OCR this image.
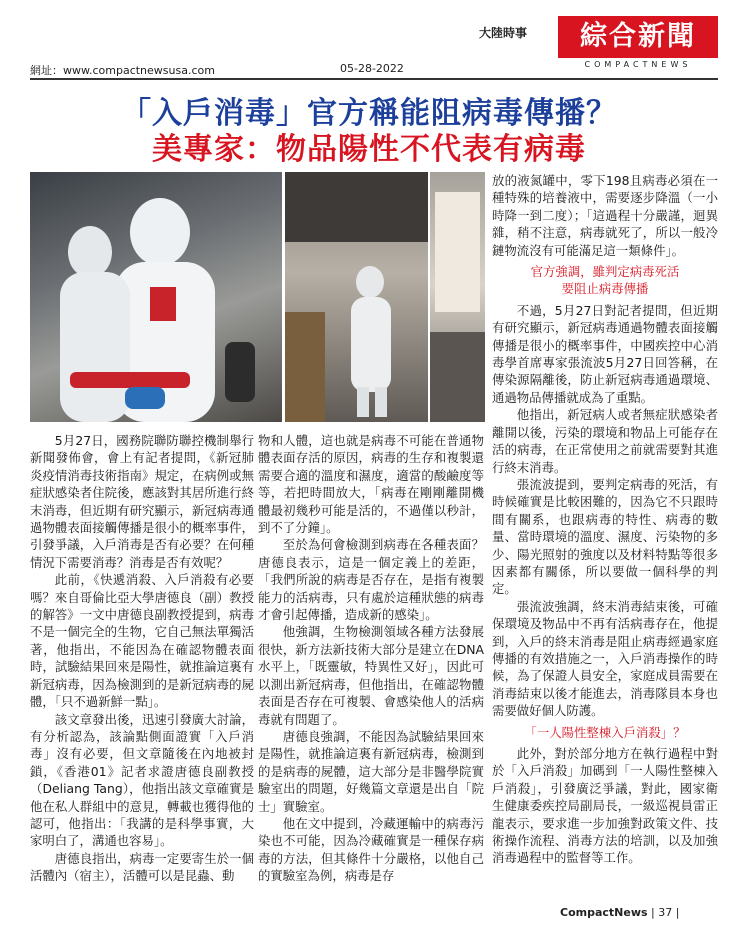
大陸時事	綜合新聞
COMPACTNEWS
網址：www.compactnewsusa.com	05-28-2022
「入戶消毒」官方稱能阻病毒傳播？
美專家：物品陽性不代表有病毒

5月27日，國務院聯防聯控機制舉行新聞發佈會，會上有記者提問，《新冠肺炎疫情消毒技術指南》規定，在病例或無症狀感染者住院後，應該對其居所進行終末消毒，但近期有研究顯示，新冠病毒通過物體表面接觸傳播是很小的概率事件，引發爭議，入戶消毒是否有必要？在何種情況下需要消毒？消毒是否有效呢？

此前，《快遞消殺、入戶消殺有必要嗎？來自哥倫比亞大學唐德良（副）教授的解答》一文中唐德良副教授提到，病毒不是一個完全的生物，它自己無法單獨活著，他指出，不能因為在確認物體表面時，試驗結果回來是陽性，就推論這裏有新冠病毒，因為檢測到的是新冠病毒的屍體，「只不過新鮮一點」。

該文章發出後，迅速引發廣大討論，有分析認為，該論點側面證實「入戶消毒」沒有必要，但文章隨後在內地被封鎖，《香港01》記者求證唐德良副教授（Deliang Tang），他指出該文章確實是他在私人群組中的意見，轉載也獲得他的認可，他指出：「我講的是科學事實，大家明白了，溝通也容易」。

唐德良指出，病毒一定要寄生於一個活體內（宿主），活體可以是昆蟲、動

物和人體，這也就是病毒不可能在普通物體表面存活的原因，病毒的生存和複製還需要合適的溫度和濕度，適當的酸鹼度等等，若把時間放大，「病毒在剛剛離開機體最初幾秒可能是活的，不過僅以秒計，到不了分鐘」。

至於為何會檢測到病毒在各種表面？唐德良表示，這是一個定義上的差距，「我們所說的病毒是否存在，是指有複製能力的活病毒，只有處於這種狀態的病毒才會引起傳播，造成新的感染」。

他強調，生物檢測領域各種方法發展很快，新方法新技術大部分是建立在DNA水平上，「既靈敏，特異性又好」，因此可以測出新冠病毒，但他指出，在確認物體表面是否存在可複製、會感染他人的活病毒就有問題了。

唐德良強調，不能因為試驗結果回來是陽性，就推論這裏有新冠病毒，檢測到的是病毒的屍體，這大部分是非醫學院實驗室出的問題，好幾篇文章還是出自「院士」實驗室。

他在文中提到，冷藏運輸中的病毒污染也不可能，因為冷藏確實是一種保存病毒的方法，但其條件十分嚴格，以他自己的實驗室為例，病毒是存

放的液氮罐中，零下198且病毒必須在一種特殊的培養液中，需要逐步降溫（一小時降一到二度）；「這過程十分嚴謹，迴異雜，稍不注意，病毒就死了，所以一般冷鏈物流沒有可能滿足這一類條件」。

官方強調，雖判定病毒死活

要阻止病毒傳播

不過，5月27日對記者提問，但近期有研究顯示，新冠病毒通過物體表面接觸傳播是很小的概率事件，中國疾控中心消毒學首席專家張流波5月27日回答稱，在傳染源隔離後，防止新冠病毒通過環境、通過物品傳播就成為了重點。

他指出，新冠病人或者無症狀感染者離開以後，污染的環境和物品上可能存在活的病毒，在正常使用之前就需要對其進行終末消毒。

張流波提到，要判定病毒的死活，有時候確實是比較困難的，因為它不只跟時間有關系，也跟病毒的特性、病毒的數量、當時環境的溫度、濕度、污染物的多少、陽光照射的強度以及材料特點等很多因素都有關係，所以要做一個科學的判定。

張流波強調，終末消毒結束後，可確保環境及物品中不再有活病毒存在，他提到，入戶的終末消毒是阻止病毒經過家庭傳播的有效措施之一，入戶消毒操作的時候，為了保證人員安全，家庭成員需要在消毒結束以後才能進去，消毒隊員本身也需要做好個人防護。

「一人陽性整棟入戶消殺」？

此外，對於部分地方在執行過程中對於「入戶消殺」加碼到「一人陽性整棟入戶消殺」，引發廣泛爭議，對此，國家衛生健康委疾控局副局長，一級巡視員雷正龍表示，要求進一步加強對政策文件、技術操作流程、消毒方法的培訓，以及加強消毒過程中的監督等工作。

CompactNews | 37 |
